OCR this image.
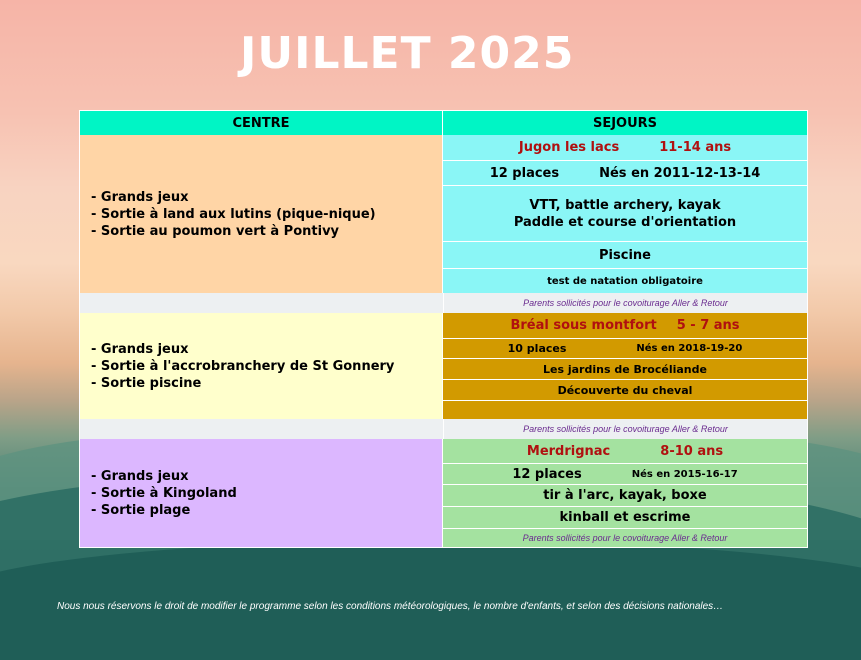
JUILLET 2025
CENTRE	SEJOURS
- Grands jeux
- Sortie à land aux lutins (pique-nique)
- Sortie au poumon vert à Pontivy
Jugon les lacs	11-14 ans
12 places	Nés en 2011-12-13-14
VTT, battle archery, kayak
Paddle et course d'orientation
Piscine
test de natation obligatoire
Parents sollicités pour le covoiturage Aller & Retour
- Grands jeux
- Sortie à l'accrobranchery de St Gonnery
- Sortie piscine
Bréal sous montfort 5 - 7 ans
10 places	Nés en 2018-19-20
Les jardins de Brocéliande
Découverte du cheval
Parents sollicités pour le covoiturage Aller & Retour
- Grands jeux
- Sortie à Kingoland
- Sortie plage
Merdrignac	8-10 ans
12 places	Nés en 2015-16-17
tir à l'arc, kayak, boxe
kinball et escrime
Parents sollicités pour le covoiturage Aller & Retour
Nous nous réservons le droit de modifier le programme selon les conditions météorologiques, le nombre d'enfants, et selon des décisions nationales…
